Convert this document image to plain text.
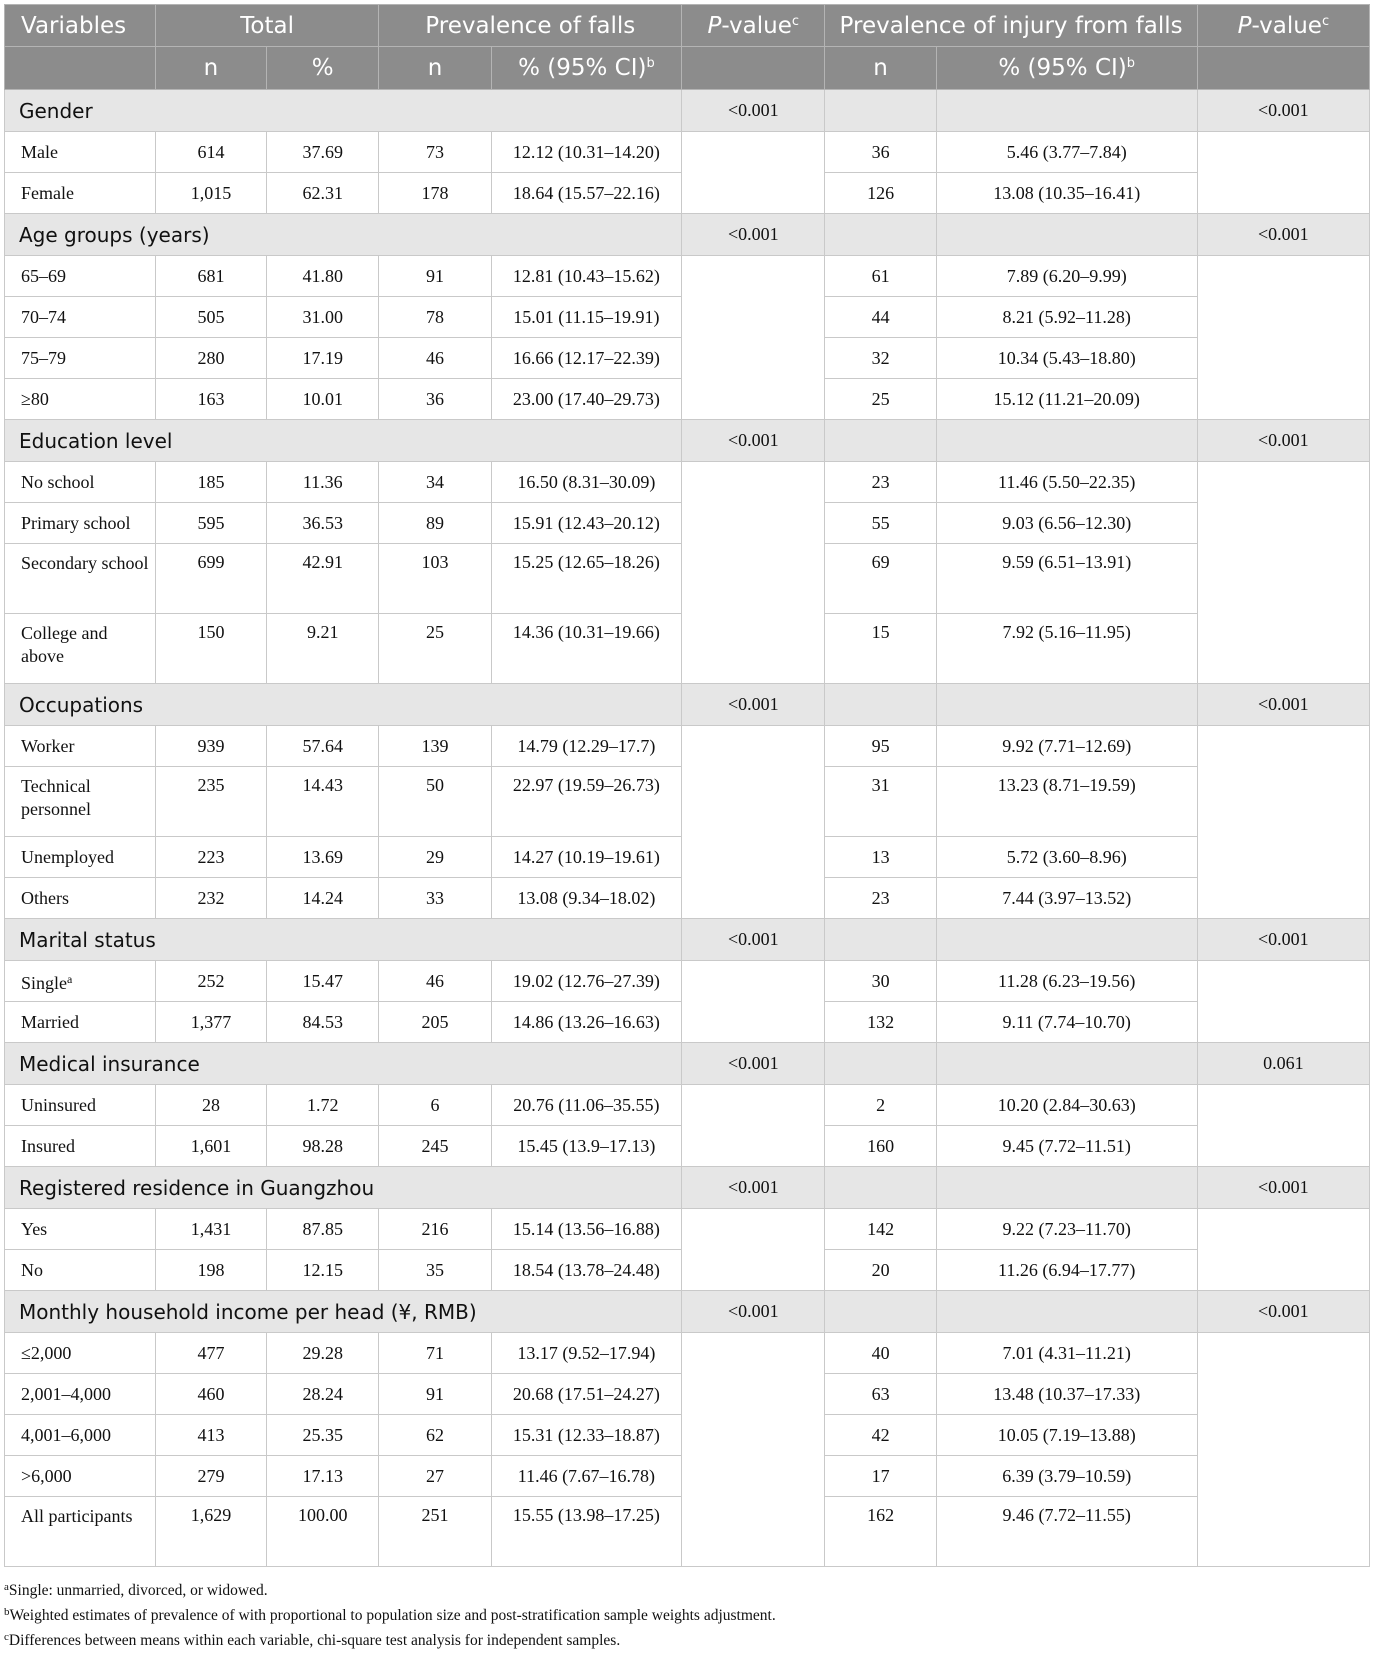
Variables	Total		Prevalence of falls		P-value$^c$	Prevalence of injury from falls		P-value$^c$
	n	%	n	% (95% CI)$^b$		n	% (95% CI)$^b$	
Gender					<0.001			<0.001
Male	614	37.69	73	12.12 (10.31–14.20)		36	5.46 (3.77–7.84)	
Female	1,015	62.31	178	18.64 (15.57–22.16)		126	13.08 (10.35–16.41)	
Age groups (years)					<0.001			<0.001
65–69	681	41.80	91	12.81 (10.43–15.62)		61	7.89 (6.20–9.99)	
70–74	505	31.00	78	15.01 (11.15–19.91)		44	8.21 (5.92–11.28)	
75–79	280	17.19	46	16.66 (12.17–22.39)		32	10.34 (5.43–18.80)	
≥80	163	10.01	36	23.00 (17.40–29.73)		25	15.12 (11.21–20.09)	
Education level					<0.001			<0.001
No school	185	11.36	34	16.50 (8.31–30.09)		23	11.46 (5.50–22.35)	
Primary school	595	36.53	89	15.91 (12.43–20.12)		55	9.03 (6.56–12.30)	
Secondary school	699	42.91	103	15.25 (12.65–18.26)		69	9.59 (6.51–13.91)	
College and above	150	9.21	25	14.36 (10.31–19.66)		15	7.92 (5.16–11.95)	
Occupations					<0.001			<0.001
Worker	939	57.64	139	14.79 (12.29–17.7)		95	9.92 (7.71–12.69)	
Technical personnel	235	14.43	50	22.97 (19.59–26.73)		31	13.23 (8.71–19.59)	
Unemployed	223	13.69	29	14.27 (10.19–19.61)		13	5.72 (3.60–8.96)	
Others	232	14.24	33	13.08 (9.34–18.02)		23	7.44 (3.97–13.52)	
Marital status					<0.001			<0.001
Single$^a$	252	15.47	46	19.02 (12.76–27.39)		30	11.28 (6.23–19.56)	
Married	1,377	84.53	205	14.86 (13.26–16.63)		132	9.11 (7.74–10.70)	
Medical insurance					<0.001			0.061
Uninsured	28	1.72	6	20.76 (11.06–35.55)		2	10.20 (2.84–30.63)	
Insured	1,601	98.28	245	15.45 (13.9–17.13)		160	9.45 (7.72–11.51)	
Registered residence in Guangzhou					<0.001			<0.001
Yes	1,431	87.85	216	15.14 (13.56–16.88)		142	9.22 (7.23–11.70)	
No	198	12.15	35	18.54 (13.78–24.48)		20	11.26 (6.94–17.77)	
Monthly household income per head (¥, RMB)					<0.001			<0.001
≤2,000	477	29.28	71	13.17 (9.52–17.94)		40	7.01 (4.31–11.21)	
2,001–4,000	460	28.24	91	20.68 (17.51–24.27)		63	13.48 (10.37–17.33)	
4,001–6,000	413	25.35	62	15.31 (12.33–18.87)		42	10.05 (7.19–13.88)	
>6,000	279	17.13	27	11.46 (7.67–16.78)		17	6.39 (3.79–10.59)	
All participants	1,629	100.00	251	15.55 (13.98–17.25)		162	9.46 (7.72–11.55)	
$^a$Single: unmarried, divorced, or widowed.
$^b$Weighted estimates of prevalence of with proportional to population size and post-stratification sample weights adjustment.
$^c$Differences between means within each variable, chi-square test analysis for independent samples.
